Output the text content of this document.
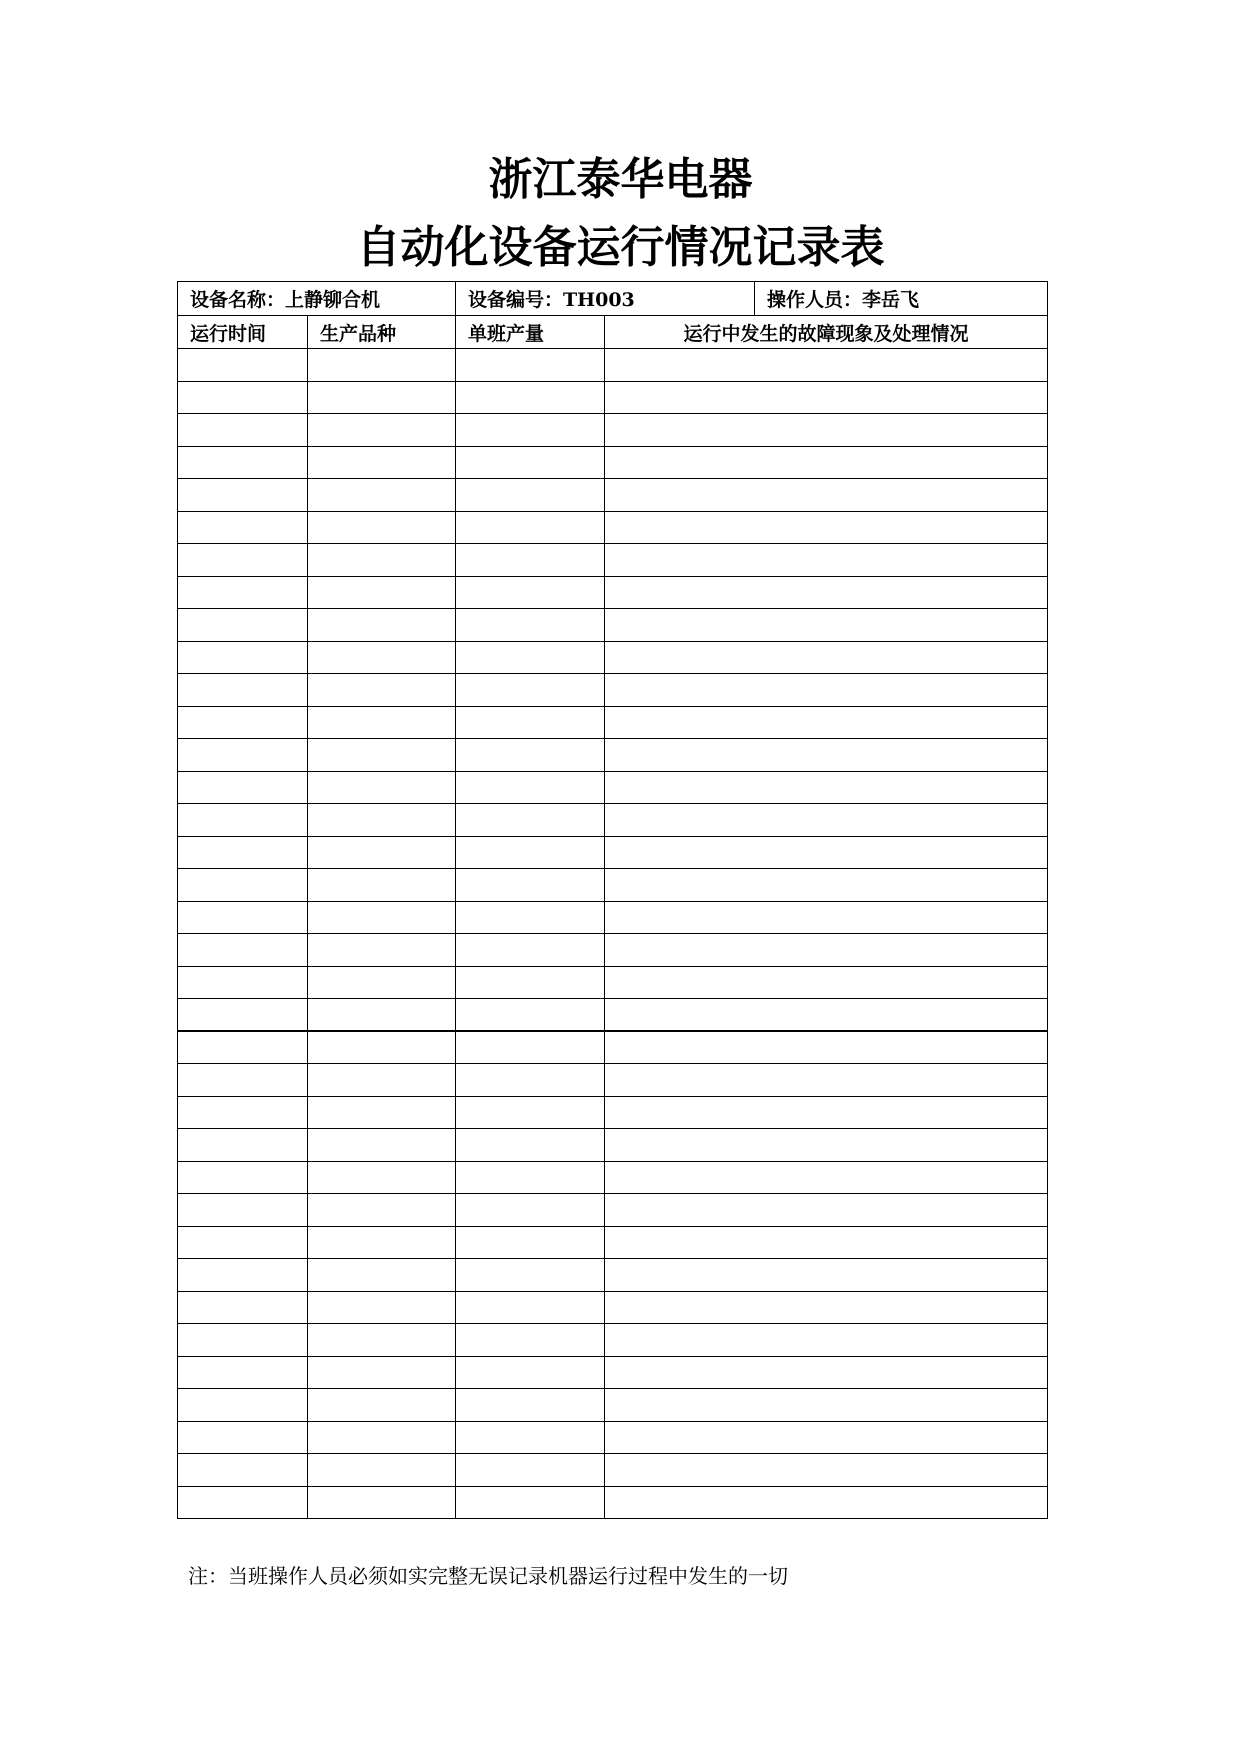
浙江泰华电器
自动化设备运行情况记录表
设备名称：上静铆合机		设备编号：TH003		操作人员：李岳飞
运行时间	生产品种	单班产量	运行中发生的故障现象及处理情况	

注：当班操作人员必须如实完整无误记录机器运行过程中发生的一切
